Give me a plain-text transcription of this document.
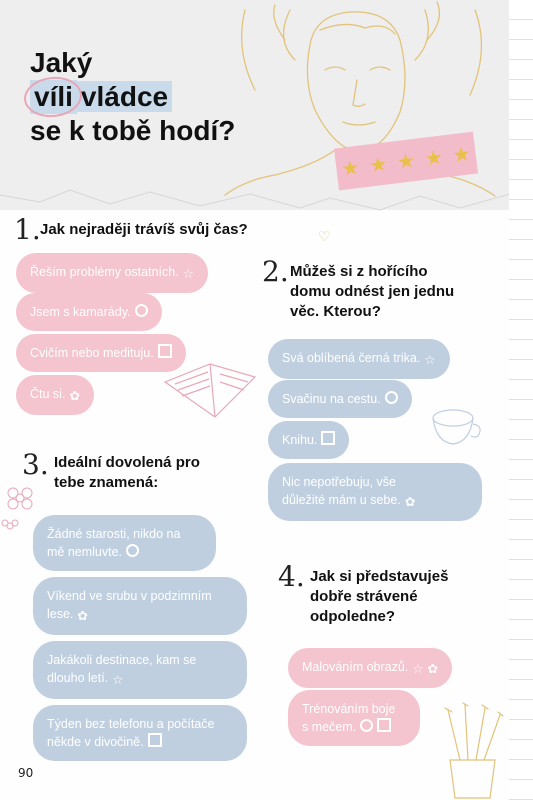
★ ★ ★ ★ ★
Jaký
víli vládce
se k tobě hodí?
1. Jak nejraději trávíš svůj čas?
Řeším problémy ostatních. ☆
Jsem s kamarády.
Cvičím nebo medituju.
Čtu si. ✿
2. Můžeš si z hořícího
domu odnést jen jednu
věc. Kterou?
Svá oblíbená černá trika. ☆
Svačinu na cestu.
Knihu.
Nic nepotřebuju, vše
důležité mám u sebe. ✿
♡
3. Ideální dovolená pro
tebe znamená:
Žádné starosti, nikdo na
mě nemluvte.
Víkend ve srubu v podzimním
lese. ✿
Jakákoli destinace, kam se
dlouho letí. ☆
Týden bez telefonu a počítače
někde v divočině.
4. Jak si představuješ
dobře strávené
odpoledne?
Malováním obrazů. ☆ ✿
Trénováním boje
s mečem.
90
